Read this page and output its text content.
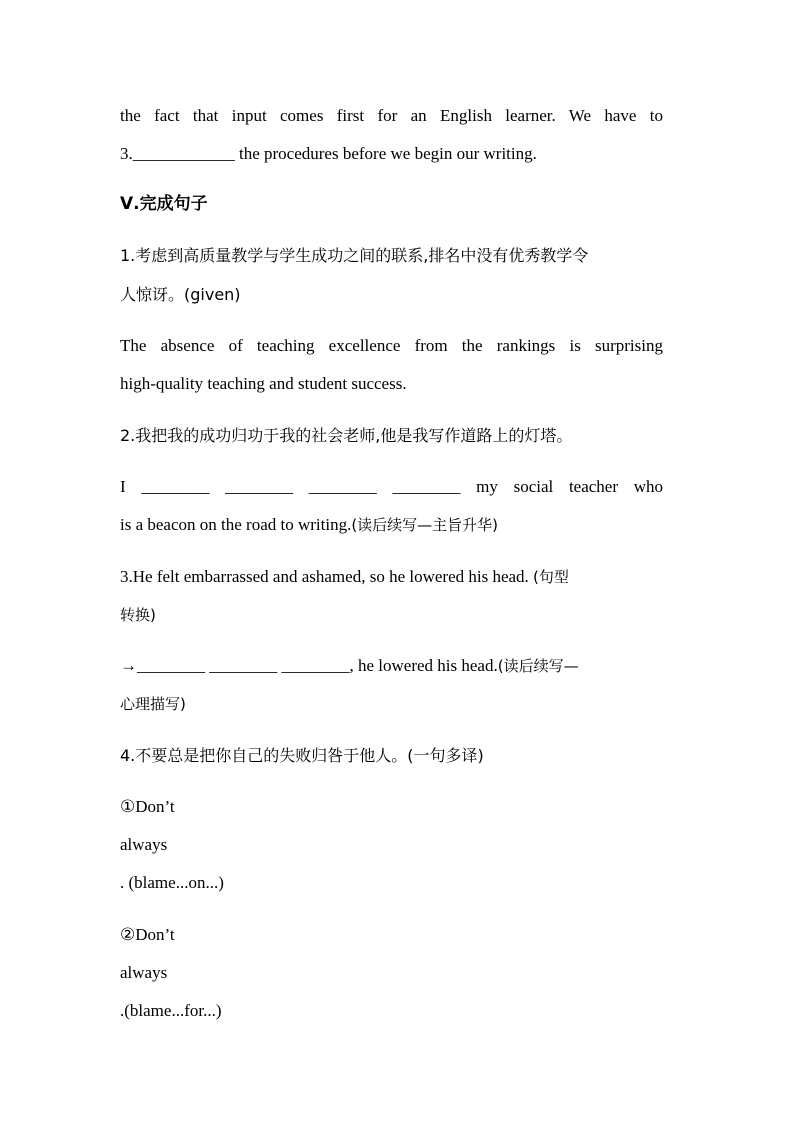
the fact that input comes first for an English learner. We have to
3.____________ the procedures before we begin our writing.
Ⅴ.完成句子
1.考虑到高质量教学与学生成功之间的联系,排名中没有优秀教学令
人惊讶。(given)
The absence of teaching excellence from the rankings is surprising
high-quality teaching and student success.
2.我把我的成功归功于我的社会老师,他是我写作道路上的灯塔。
I ________ ________ ________ ________ my social teacher who
is a beacon on the road to writing.(读后续写—主旨升华)
3.He felt embarrassed and ashamed, so he lowered his head. (句型
转换)
→________ ________ ________, he lowered his head.(读后续写—
心理描写)
4.不要总是把你自己的失败归咎于他人。(一句多译)
①Don’t
always
. (blame...on...)
②Don’t
always
.(blame...for...)
